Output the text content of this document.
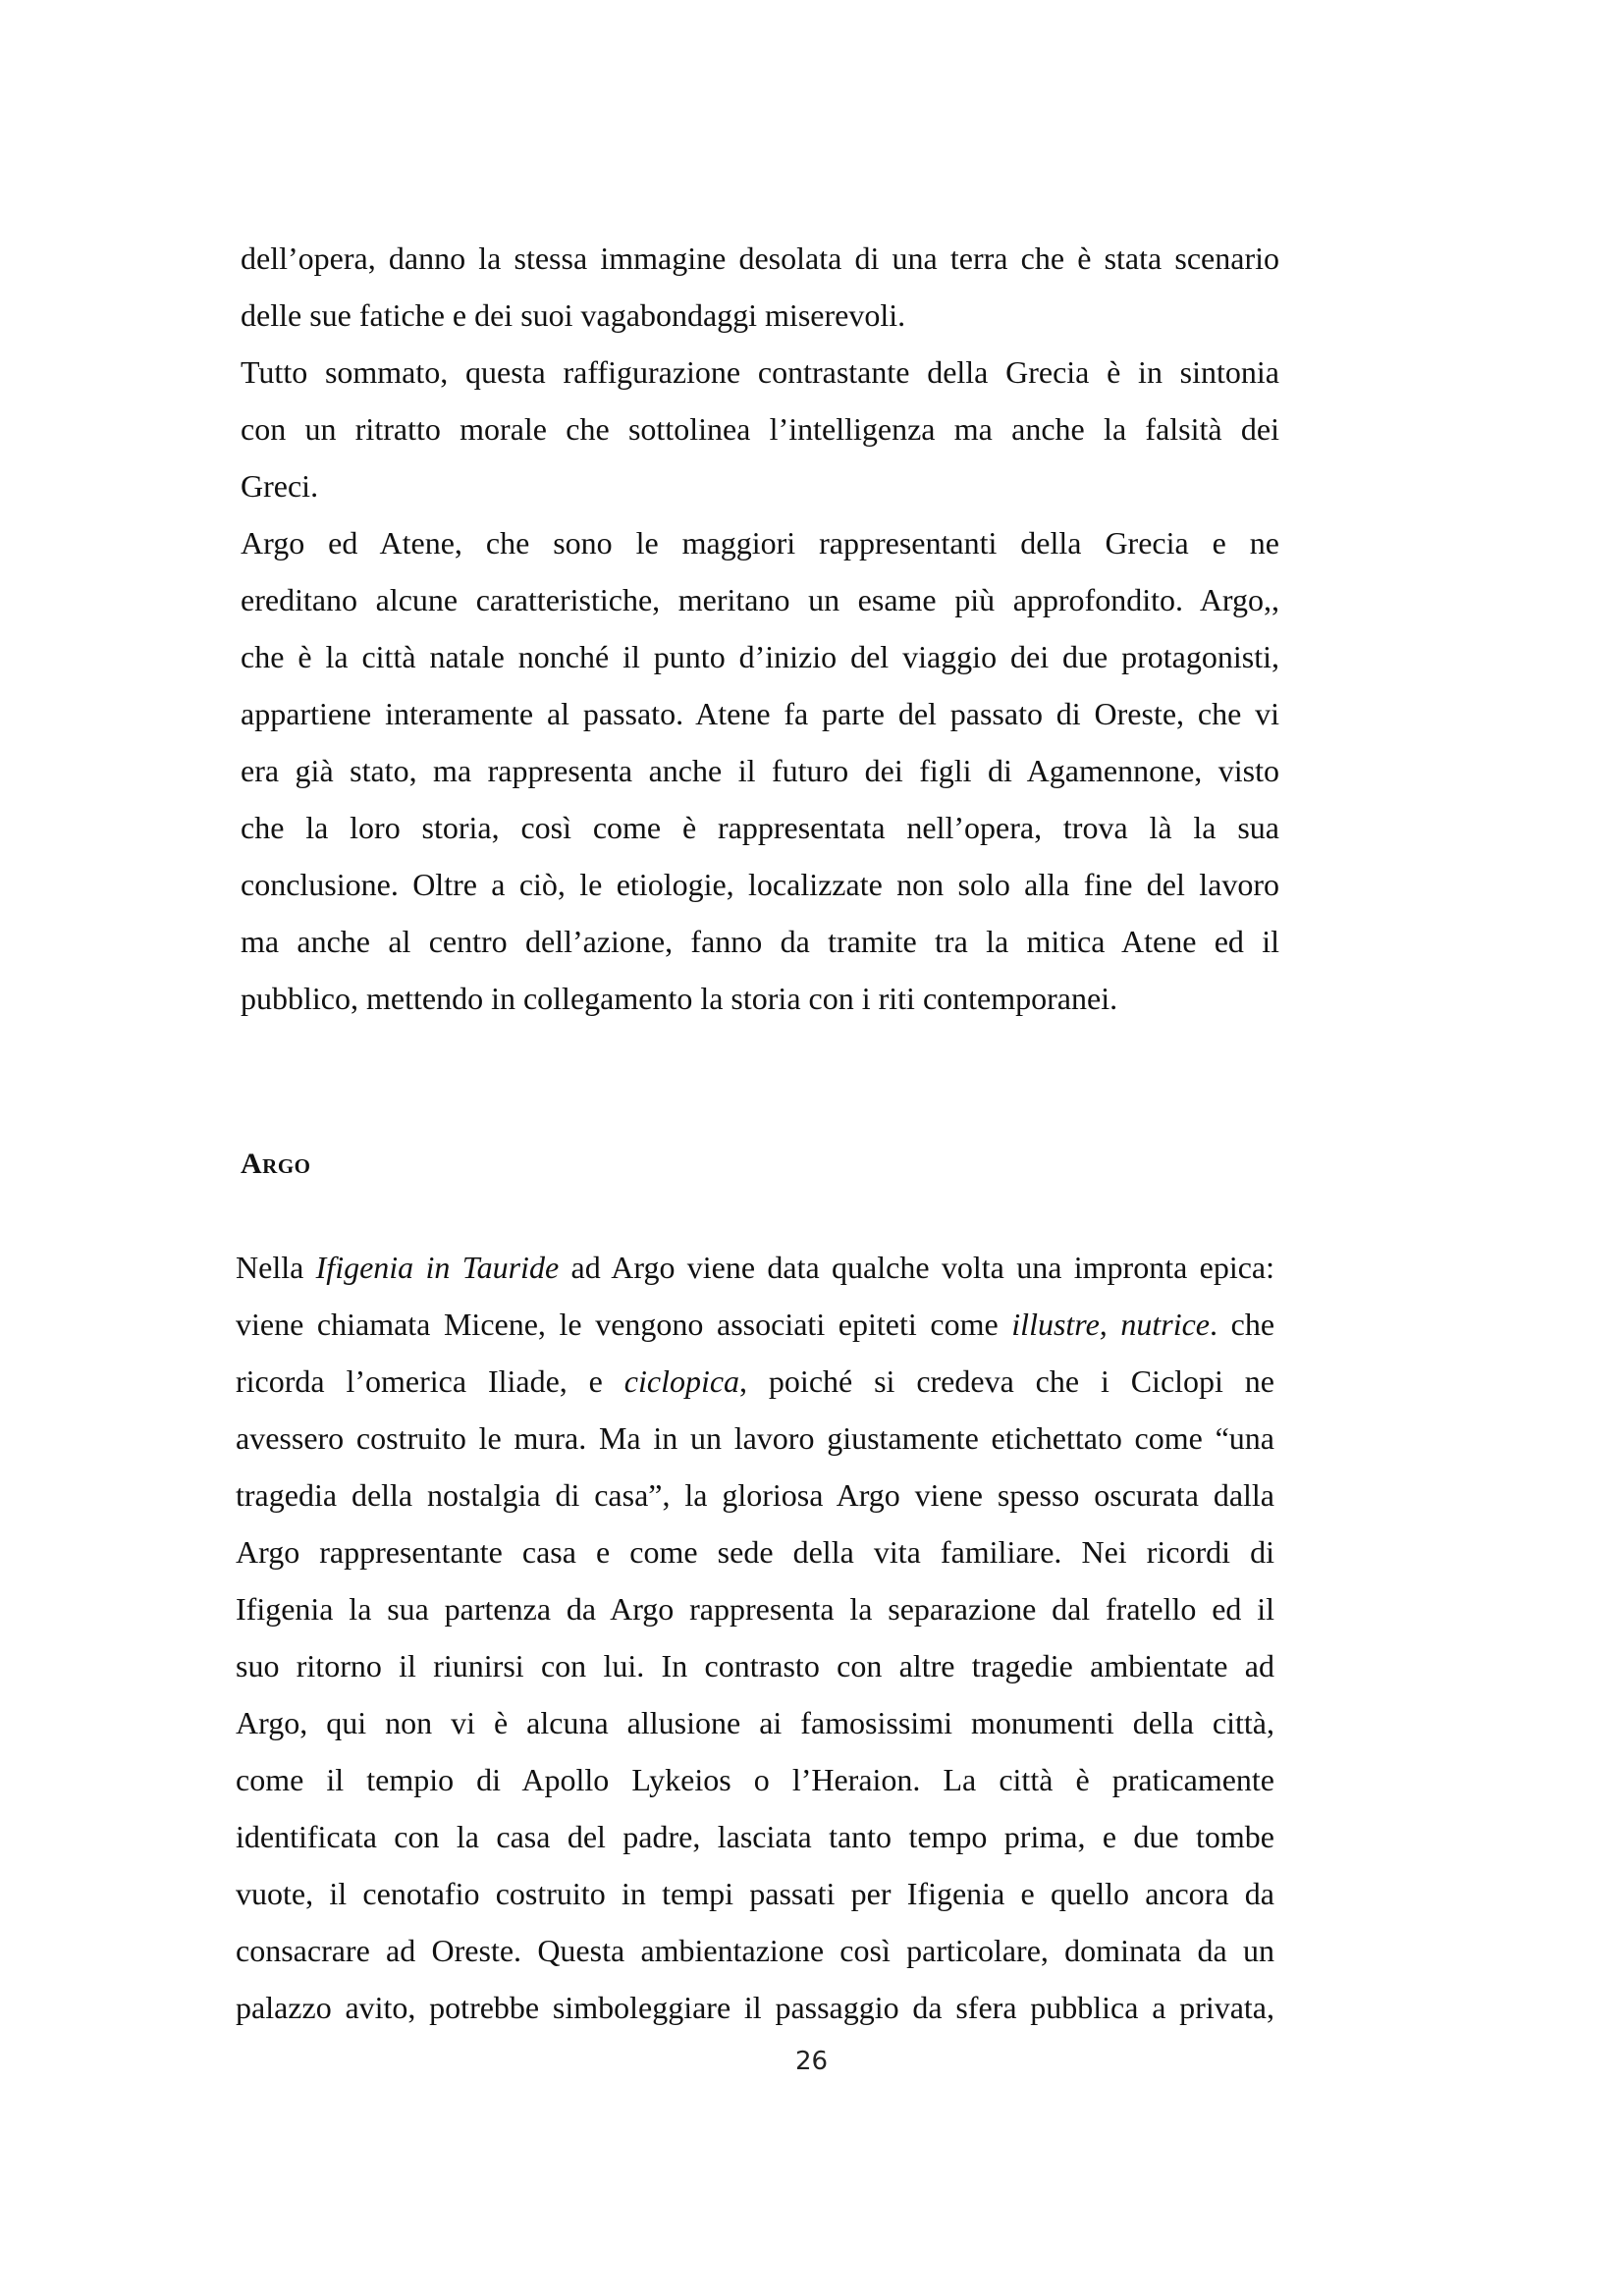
dell’opera, danno la stessa immagine desolata di una terra che è stata scenario
delle sue fatiche e dei suoi vagabondaggi miserevoli.
Tutto sommato, questa raffigurazione contrastante della Grecia è in sintonia
con un ritratto morale che sottolinea l’intelligenza ma anche la falsità dei
Greci.
Argo ed Atene, che sono le maggiori rappresentanti della Grecia e ne
ereditano alcune caratteristiche, meritano un esame più approfondito. Argo,,
che è la città natale nonché il punto d’inizio del viaggio dei due protagonisti,
appartiene interamente al passato. Atene fa parte del passato di Oreste, che vi
era già stato, ma rappresenta anche il futuro dei figli di Agamennone, visto
che la loro storia, così come è rappresentata nell’opera, trova là la sua
conclusione. Oltre a ciò, le etiologie, localizzate non solo alla fine del lavoro
ma anche al centro dell’azione, fanno da tramite tra la mitica Atene ed il
pubblico, mettendo in collegamento la storia con i riti contemporanei.
Argo
Nella Ifigenia in Tauride ad Argo viene data qualche volta una impronta epica:
viene chiamata Micene, le vengono associati epiteti come illustre, nutrice. che
ricorda l’omerica Iliade, e ciclopica, poiché si credeva che i Ciclopi ne
avessero costruito le mura. Ma in un lavoro giustamente etichettato come “una
tragedia della nostalgia di casa”, la gloriosa Argo viene spesso oscurata dalla
Argo rappresentante casa e come sede della vita familiare. Nei ricordi di
Ifigenia la sua partenza da Argo rappresenta la separazione dal fratello ed il
suo ritorno il riunirsi con lui. In contrasto con altre tragedie ambientate ad
Argo, qui non vi è alcuna allusione ai famosissimi monumenti della città,
come il tempio di Apollo Lykeios o l’Heraion. La città è praticamente
identificata con la casa del padre, lasciata tanto tempo prima, e due tombe
vuote, il cenotafio costruito in tempi passati per Ifigenia e quello ancora da
consacrare ad Oreste. Questa ambientazione così particolare, dominata da un
palazzo avito, potrebbe simboleggiare il passaggio da sfera pubblica a privata,
26
